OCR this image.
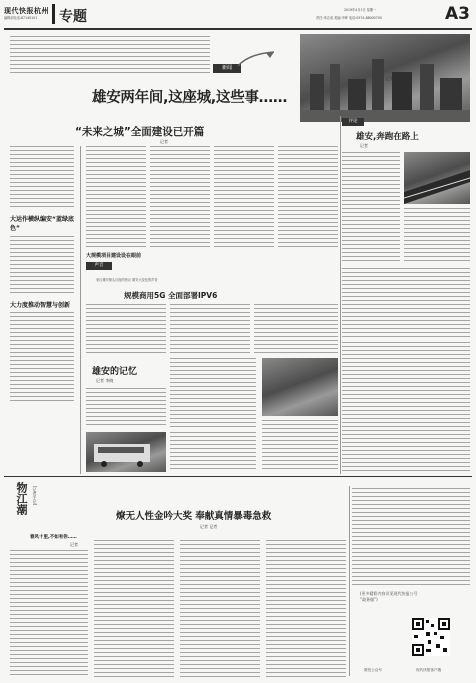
现代快报杭州
编辑部电话:87140101 专题	2019年4月1日 星期一
责任:李志成 美编:辛晖 电话:0574-88000700	A3
新闻
雄安两年间,这座城,这些事……
记者 胡海涛
“未来之城”全面建设已开篇
记者
评论
雄安,奔跑在路上
记者
大运作横纵编安“蓝绿底色”
大力度推动智慧与创新
大规模项目建设设在眼前
声音
来自雄安街头百姓的热议 雄安大变化的声音
规模商用5G 全面部署IPV6
雄安的记忆
记者 李晓
物江潮 [记者手记]
燎无人性金吟大奖 奉献真情暴毒急救
记者 记者
春风十里,不如有你……
记者
(更多精彩内容详见现代快报公号
“政务服”)
微信公众号	现代快报客户端
